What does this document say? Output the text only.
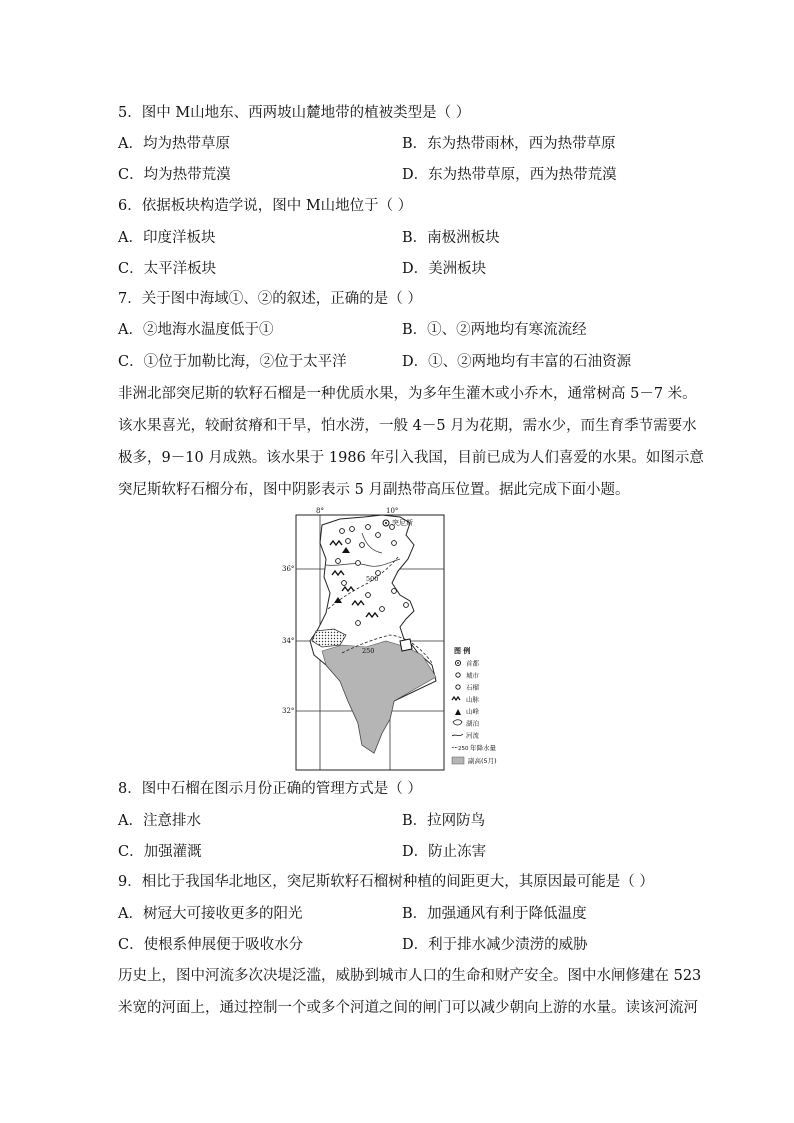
5．图中 M山地东、西两坡山麓地带的植被类型是（ ）
A．均为热带草原	B．东为热带雨林，西为热带草原
C．均为热带荒漠	D．东为热带草原，西为热带荒漠
6．依据板块构造学说，图中 M山地位于（ ）
A．印度洋板块	B．南极洲板块
C．太平洋板块	D．美洲板块
7．关于图中海域①、②的叙述，正确的是（ ）
A．②地海水温度低于①	B．①、②两地均有寒流流经
C．①位于加勒比海，②位于太平洋	D．①、②两地均有丰富的石油资源
非洲北部突尼斯的软籽石榴是一种优质水果，为多年生灌木或小乔木，通常树高 5－7 米。
该水果喜光，较耐贫瘠和干旱，怕水涝，一般 4－5 月为花期，需水少，而生育季节需要水
极多，9－10 月成熟。该水果于 1986 年引入我国，目前已成为人们喜爱的水果。如图示意
突尼斯软籽石榴分布，图中阴影表示 5 月副热带高压位置。据此完成下面小题。
8°	10°
36°
34°
32°
突尼斯
500
250	图 例
首都
城市
石榴
山脉
山峰
湖泊
河流
250 年降水量
副高(5月)
8．图中石榴在图示月份正确的管理方式是（ ）
A．注意排水	B．拉网防鸟
C．加强灌溉	D．防止冻害
9．相比于我国华北地区，突尼斯软籽石榴树种植的间距更大，其原因最可能是（ ）
A．树冠大可接收更多的阳光	B．加强通风有利于降低温度
C．使根系伸展便于吸收水分	D．利于排水减少渍涝的威胁
历史上，图中河流多次决堤泛滥，威胁到城市人口的生命和财产安全。图中水闸修建在 523
米宽的河面上，通过控制一个或多个河道之间的闸门可以减少朝向上游的水量。读该河流河
